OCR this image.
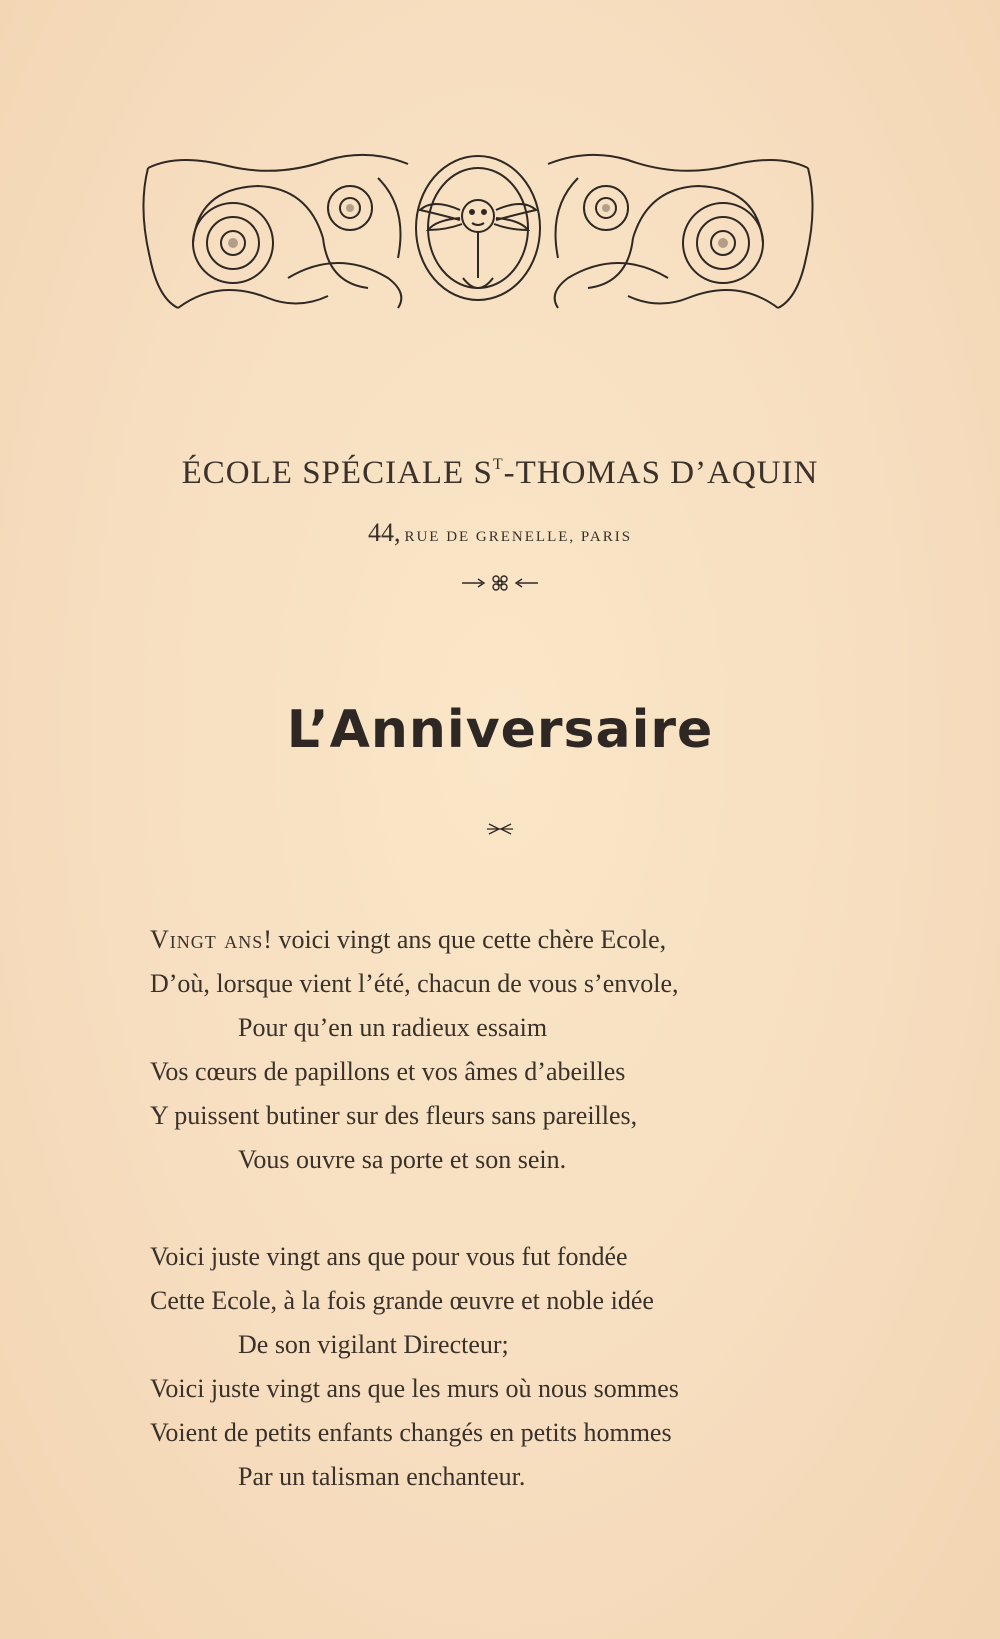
ÉCOLE SPÉCIALE $S^T$-THOMAS D’AQUIN
44, RUE DE GRENELLE, PARIS
L’Anniversaire
Vingt ans! voici vingt ans que cette chère Ecole,
D’où, lorsque vient l’été, chacun de vous s’envole,
Pour qu’en un radieux essaim
Vos cœurs de papillons et vos âmes d’abeilles
Y puissent butiner sur des fleurs sans pareilles,
Vous ouvre sa porte et son sein.
Voici juste vingt ans que pour vous fut fondée
Cette Ecole, à la fois grande œuvre et noble idée
De son vigilant Directeur;
Voici juste vingt ans que les murs où nous sommes
Voient de petits enfants changés en petits hommes
Par un talisman enchanteur.
